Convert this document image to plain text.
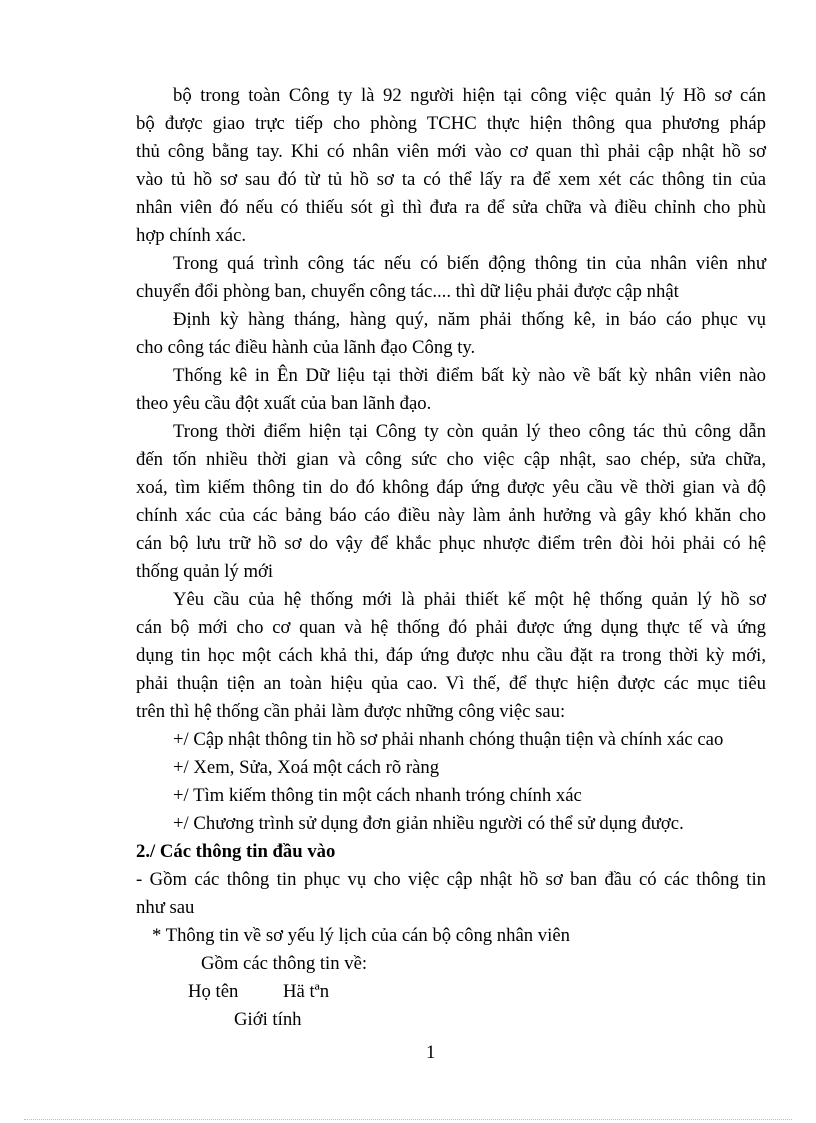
bộ trong toàn Công ty là 92 người hiện tại công việc quản lý Hồ sơ cán

bộ được giao trực tiếp cho phòng TCHC thực hiện thông qua phương pháp

thủ công bằng tay. Khi có nhân viên mới vào cơ quan thì phải cập nhật hồ sơ

vào tủ hồ sơ sau đó từ tủ hồ sơ ta có thể lấy ra để xem xét các thông tin của

nhân viên đó nếu có thiếu sót gì thì đưa ra để sửa chữa và điều chỉnh cho phù

hợp chính xác.

Trong quá trình công tác nếu có biến động thông tin của nhân viên như

chuyển đổi phòng ban, chuyển công tác.... thì dữ liệu phải được cập nhật

Định kỳ hàng tháng, hàng quý, năm phải thống kê, in báo cáo phục vụ

cho công tác điều hành của lãnh đạo Công ty.

Thống kê in Ên Dữ liệu tại thời điểm bất kỳ nào về bất kỳ nhân viên nào

theo yêu cầu đột xuất của ban lãnh đạo.

Trong thời điểm hiện tại Công ty còn quản lý theo công tác thủ công dẫn

đến tốn nhiều thời gian và công sức cho việc cập nhật, sao chép, sửa chữa,

xoá, tìm kiếm thông tin do đó không đáp ứng được yêu cầu về thời gian và độ

chính xác của các bảng báo cáo điều này làm ảnh hưởng và gây khó khăn cho

cán bộ lưu trữ hồ sơ do vậy để khắc phục nhược điểm trên đòi hỏi phải có hệ

thống quản lý mới

Yêu cầu của hệ thống mới là phải thiết kế một hệ thống quản lý hồ sơ

cán bộ mới cho cơ quan và hệ thống đó phải được ứng dụng thực tế và ứng

dụng tin học một cách khả thi, đáp ứng được nhu cầu đặt ra trong thời kỳ mới,

phải thuận tiện an toàn hiệu qủa cao. Vì thế, để thực hiện được các mục tiêu

trên thì hệ thống cần phải làm được những công việc sau:

+/ Cập nhật thông tin hồ sơ phải nhanh chóng thuận tiện và chính xác cao

+/ Xem, Sửa, Xoá một cách rõ ràng

+/ Tìm kiếm thông tin một cách nhanh tróng chính xác

+/ Chương trình sử dụng đơn giản nhiều người có thể sử dụng được.

2./ Các thông tin đầu vào

- Gồm các thông tin phục vụ cho việc cập nhật hồ sơ ban đầu có các thông tin

như sau

* Thông tin về sơ yếu lý lịch của cán bộ công nhân viên

Gồm các thông tin về:

Họ tên Hä tªn

Giới tính

1
